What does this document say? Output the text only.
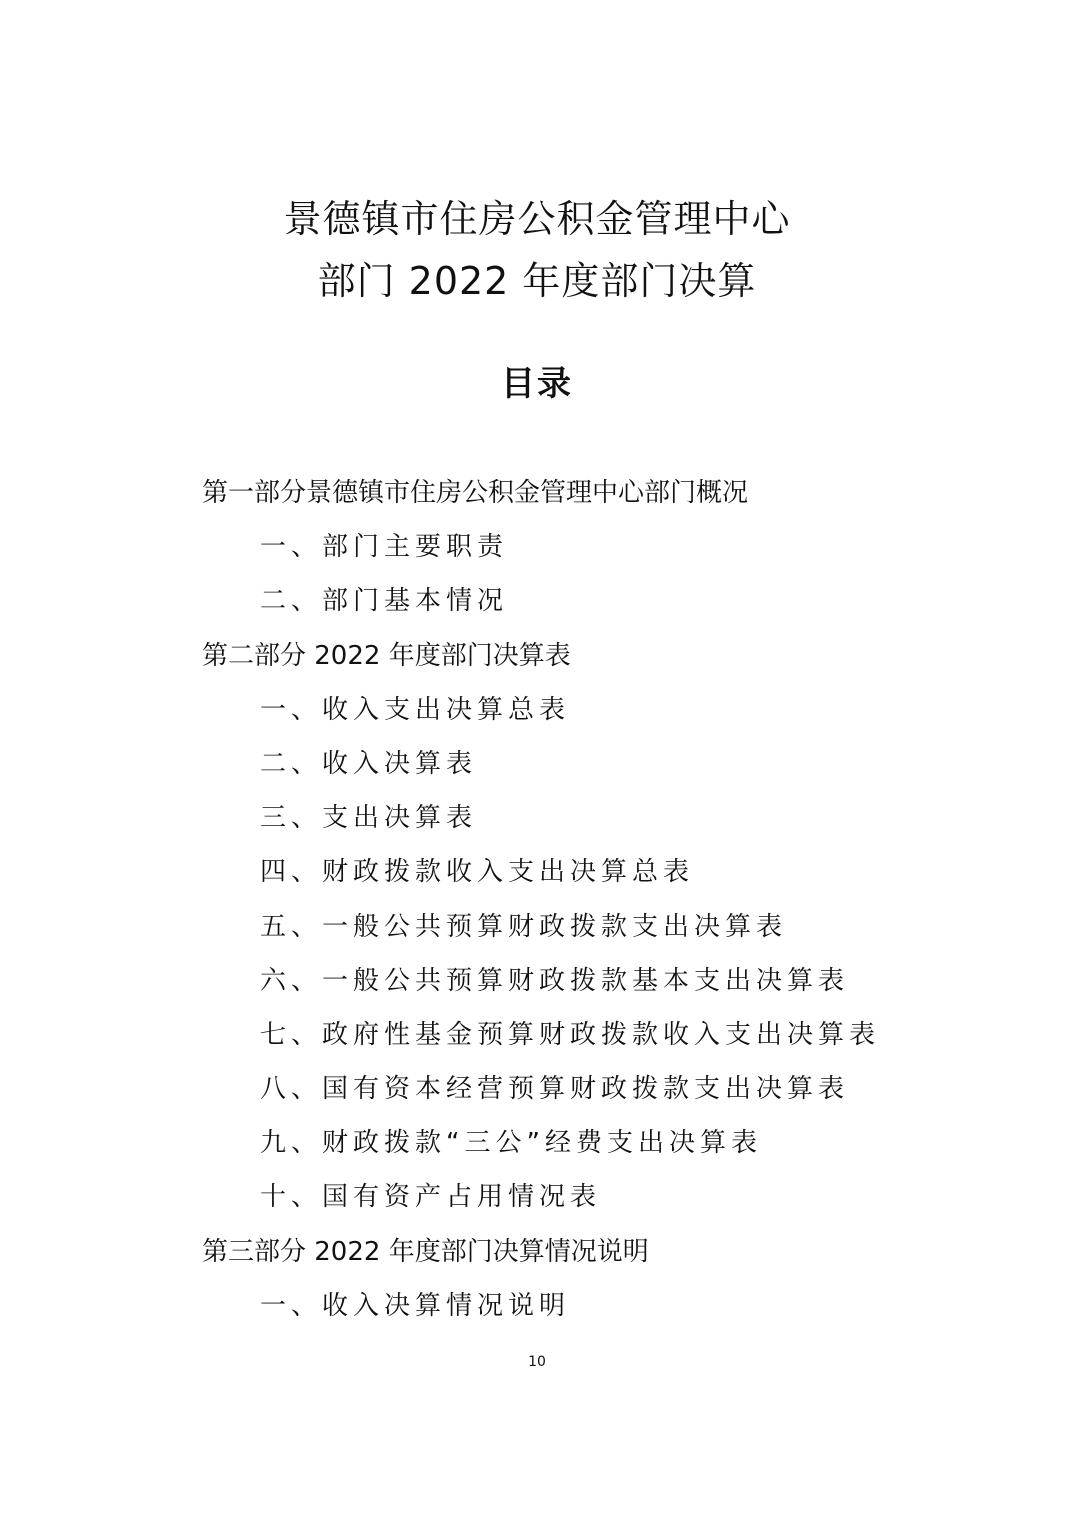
景德镇市住房公积金管理中心
部门 2022 年度部门决算
目录
第一部分景德镇市住房公积金管理中心部门概况
一、部门主要职责
二、部门基本情况
第二部分 2022 年度部门决算表
一、收入支出决算总表
二、收入决算表
三、支出决算表
四、财政拨款收入支出决算总表
五、一般公共预算财政拨款支出决算表
六、一般公共预算财政拨款基本支出决算表
七、政府性基金预算财政拨款收入支出决算表
八、国有资本经营预算财政拨款支出决算表
九、财政拨款“三公”经费支出决算表
十、国有资产占用情况表
第三部分 2022 年度部门决算情况说明
一、收入决算情况说明
10
